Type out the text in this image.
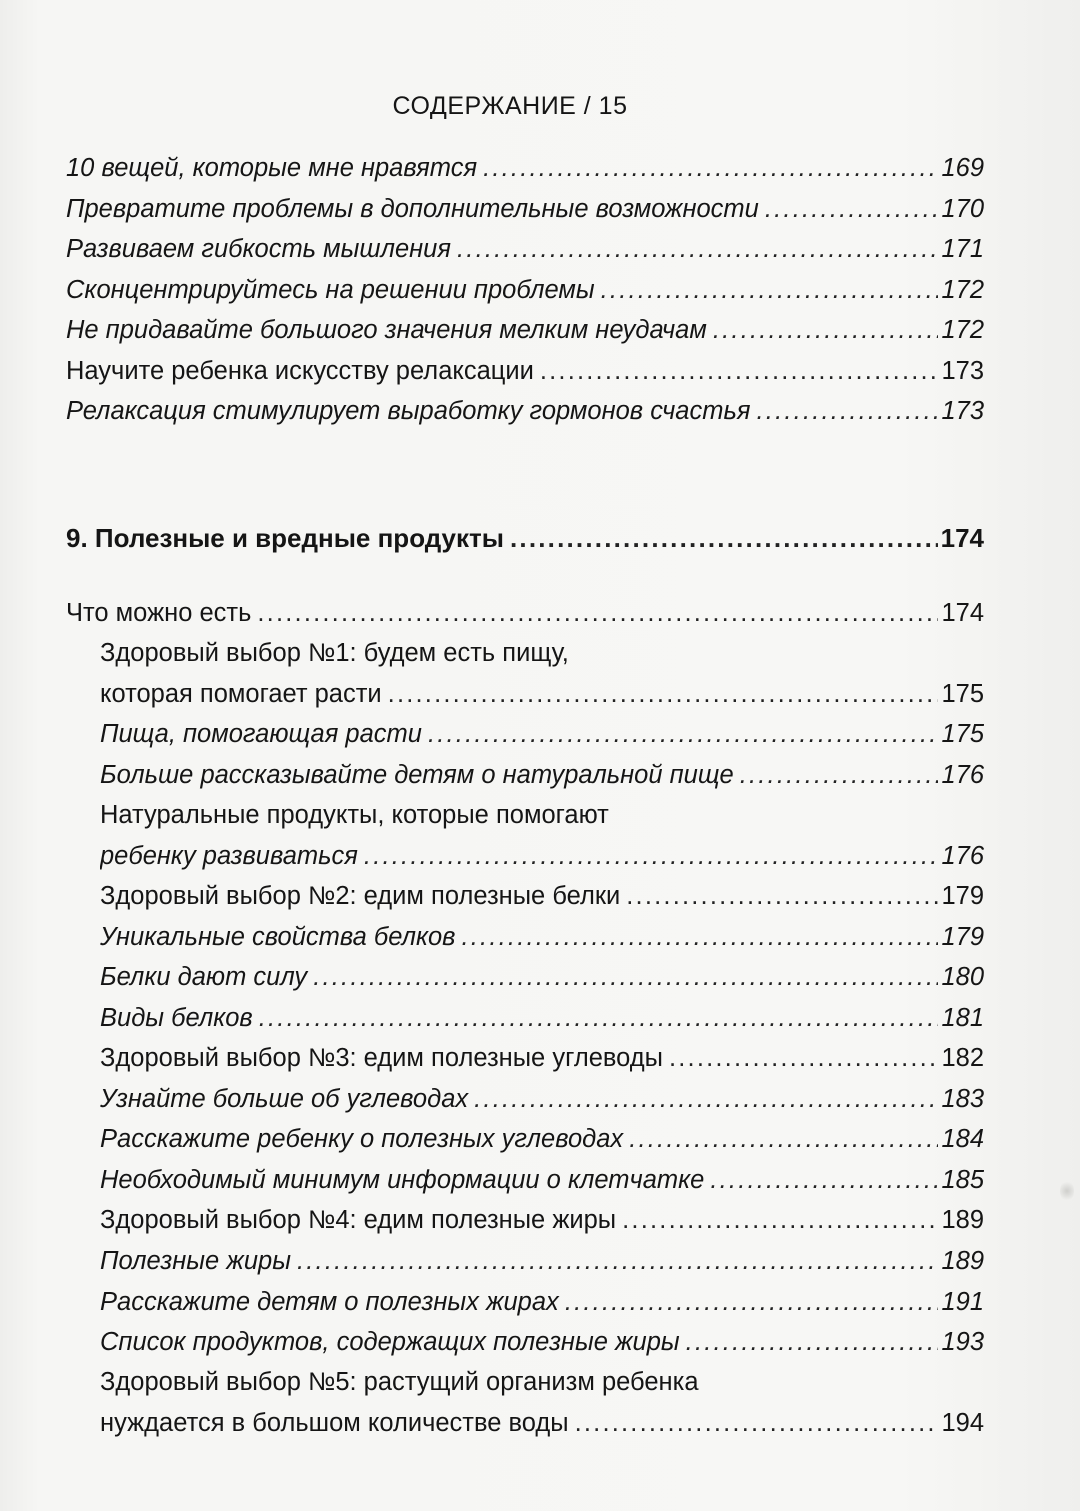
СОДЕРЖАНИЕ / 15
10 вещей, которые мне нравятся .....	169
Превратите проблемы в дополнительные возможности .....	170
Развиваем гибкость мышления .....	171
Сконцентрируйтесь на решении проблемы .....	172
Не придавайте большого значения мелким неудачам .....	172
Научите ребенка искусству релаксации .....	173
Релаксация стимулирует выработку гормонов счастья .....	173
9. Полезные и вредные продукты .....	174
Что можно есть .....	174
Здоровый выбор №1: будем есть пищу,
которая помогает расти .....	175
Пища, помогающая расти .....	175
Больше рассказывайте детям о натуральной пище .....	176
Натуральные продукты, которые помогают
ребенку развиваться .....	176
Здоровый выбор №2: едим полезные белки .....	179
Уникальные свойства белков .....	179
Белки дают силу .....	180
Виды белков .....	181
Здоровый выбор №3: едим полезные углеводы .....	182
Узнайте больше об углеводах .....	183
Расскажите ребенку о полезных углеводах .....	184
Необходимый минимум информации о клетчатке .....	185
Здоровый выбор №4: едим полезные жиры .....	189
Полезные жиры .....	189
Расскажите детям о полезных жирах .....	191
Список продуктов, содержащих полезные жиры .....	193
Здоровый выбор №5: растущий организм ребенка
нуждается в большом количестве воды .....	194
